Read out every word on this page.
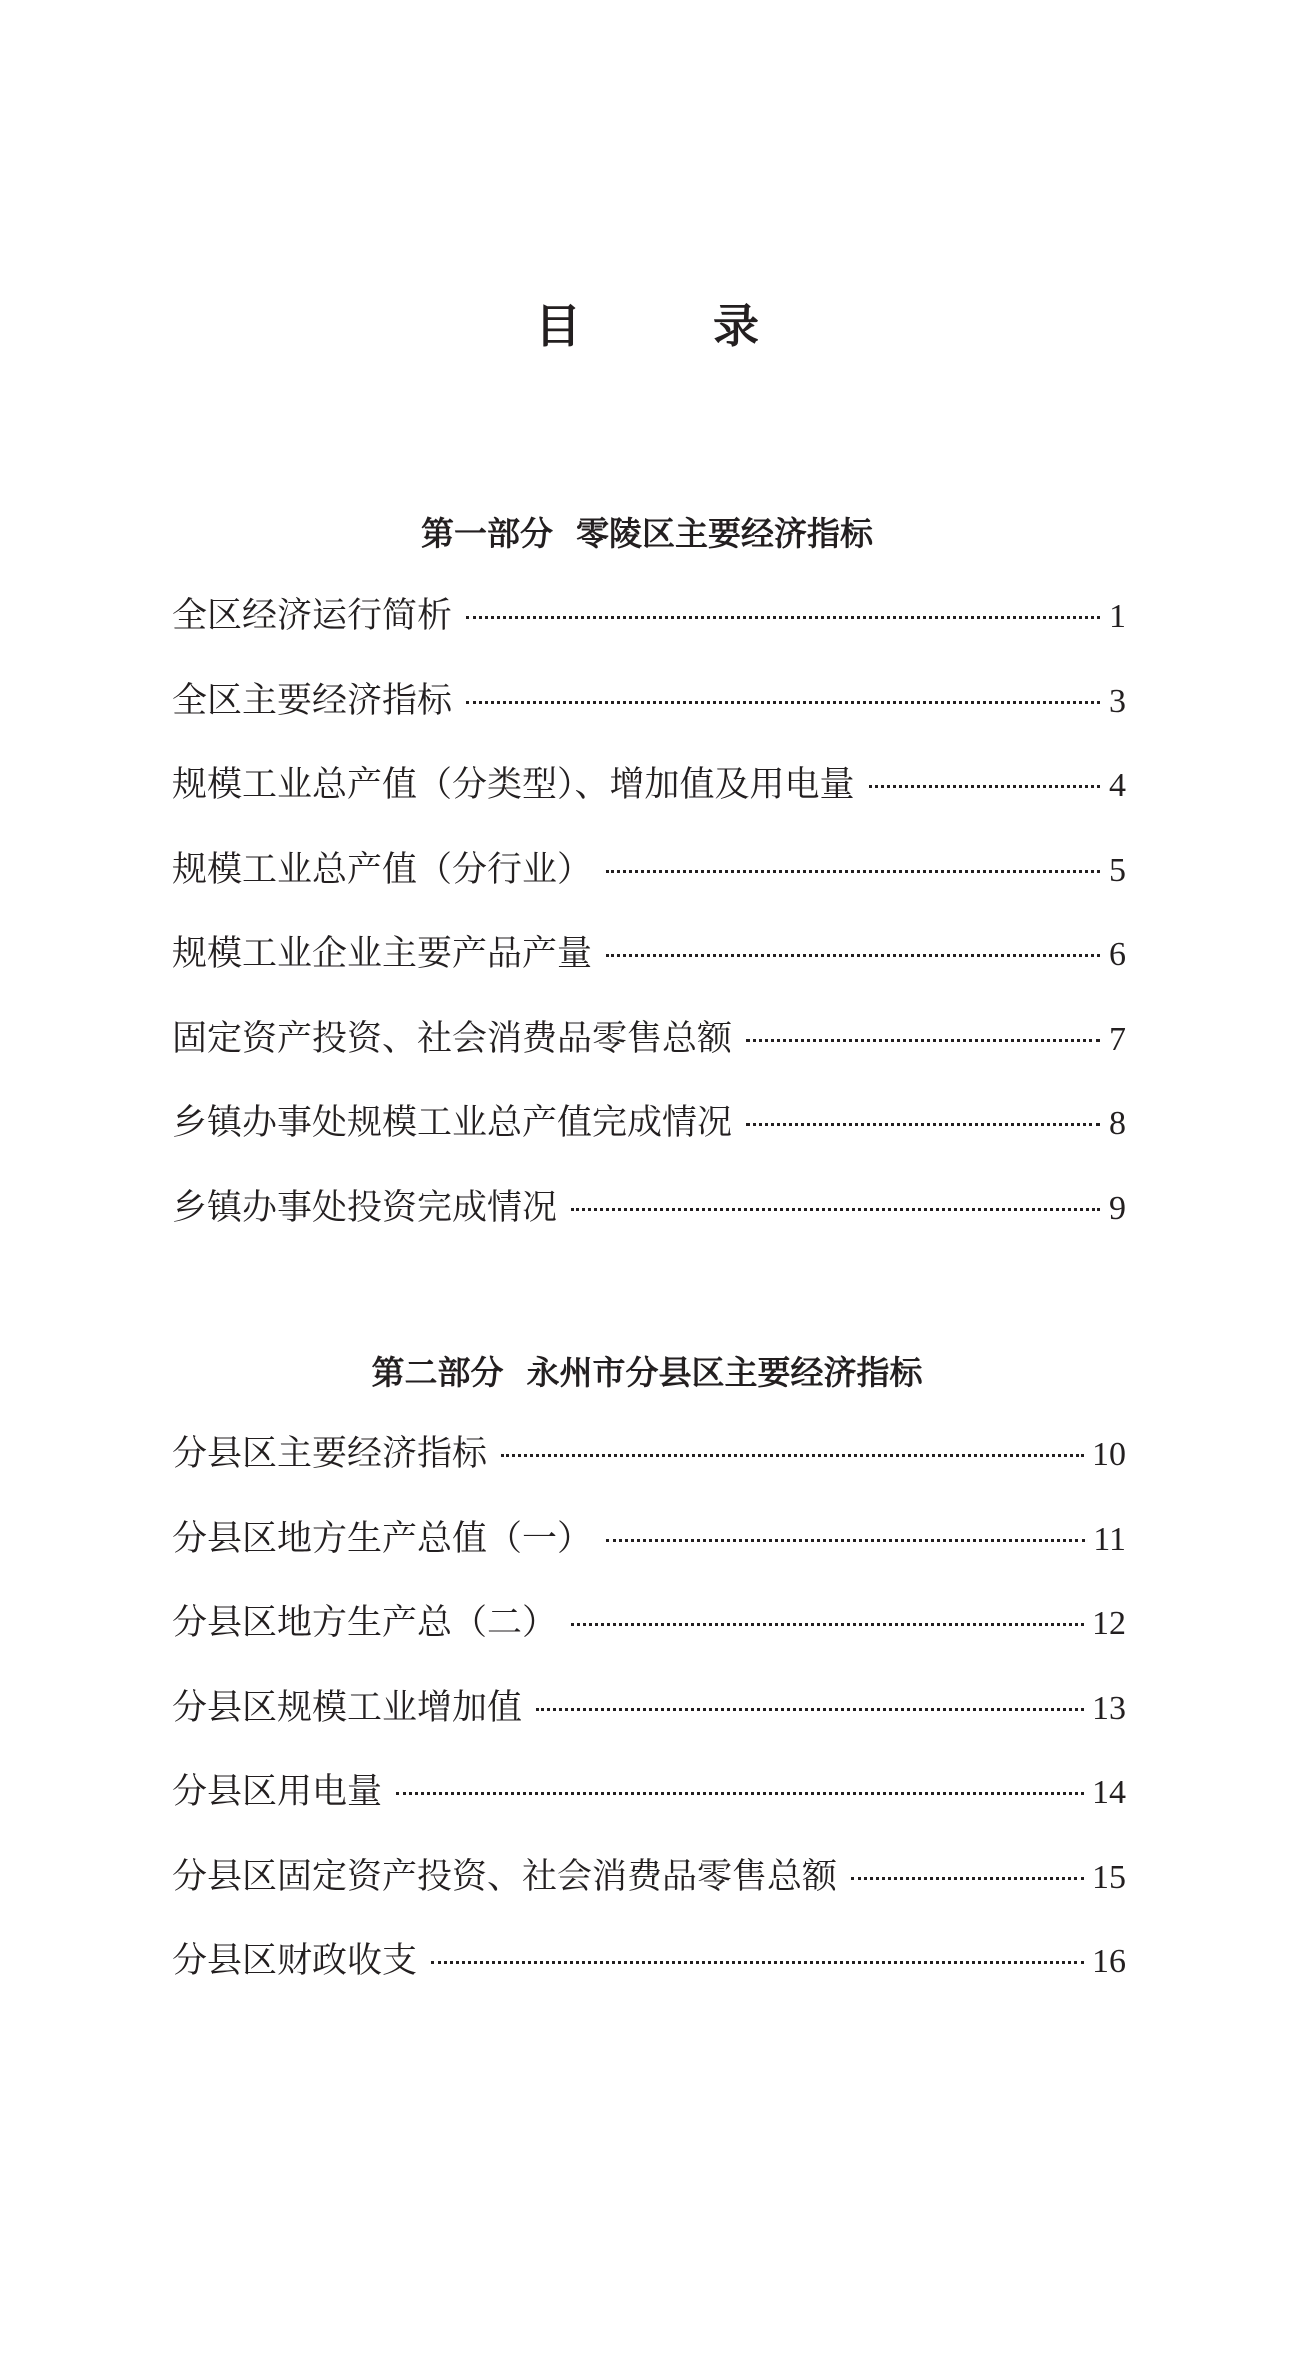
目 录
第一部分  零陵区主要经济指标
全区经济运行简析	1
全区主要经济指标	3
规模工业总产值（分类型）、增加值及用电量	4
规模工业总产值（分行业）	5
规模工业企业主要产品产量	6
固定资产投资、社会消费品零售总额	7
乡镇办事处规模工业总产值完成情况	8
乡镇办事处投资完成情况	9
第二部分  永州市分县区主要经济指标
分县区主要经济指标	10
分县区地方生产总值（一）	11
分县区地方生产总（二）	12
分县区规模工业增加值	13
分县区用电量	14
分县区固定资产投资、社会消费品零售总额	15
分县区财政收支	16
